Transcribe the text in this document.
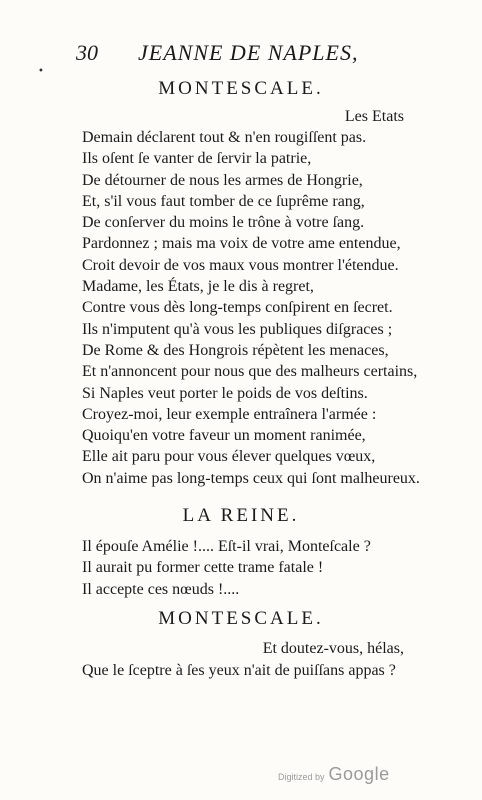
30 JEANNE DE NAPLES,
•
MONTESCALE.
Les Etats
Demain déclarent tout & n'en rougiſſent pas.
Ils oſent ſe vanter de ſervir la patrie,
De détourner de nous les armes de Hongrie,
Et, s'il vous faut tomber de ce ſuprême rang,
De conſerver du moins le trône à votre ſang.
Pardonnez ; mais ma voix de votre ame entendue,
Croit devoir de vos maux vous montrer l'étendue.
Madame, les États, je le dis à regret,
Contre vous dès long-temps conſpirent en ſecret.
Ils n'imputent qu'à vous les publiques diſgraces ;
De Rome & des Hongrois répètent les menaces,
Et n'annoncent pour nous que des malheurs certains,
Si Naples veut porter le poids de vos deſtins.
Croyez-moi, leur exemple entraînera l'armée :
Quoiqu'en votre faveur un moment ranimée,
Elle ait paru pour vous élever quelques vœux,
On n'aime pas long-temps ceux qui ſont malheureux.
LA REINE.
Il épouſe Amélie !.... Eſt-il vrai, Monteſcale ?
Il aurait pu former cette trame fatale !
Il accepte ces nœuds !....
MONTESCALE.
Et doutez-vous, hélas,
Que le ſceptre à ſes yeux n'ait de puiſſans appas ?
Digitized by Google
